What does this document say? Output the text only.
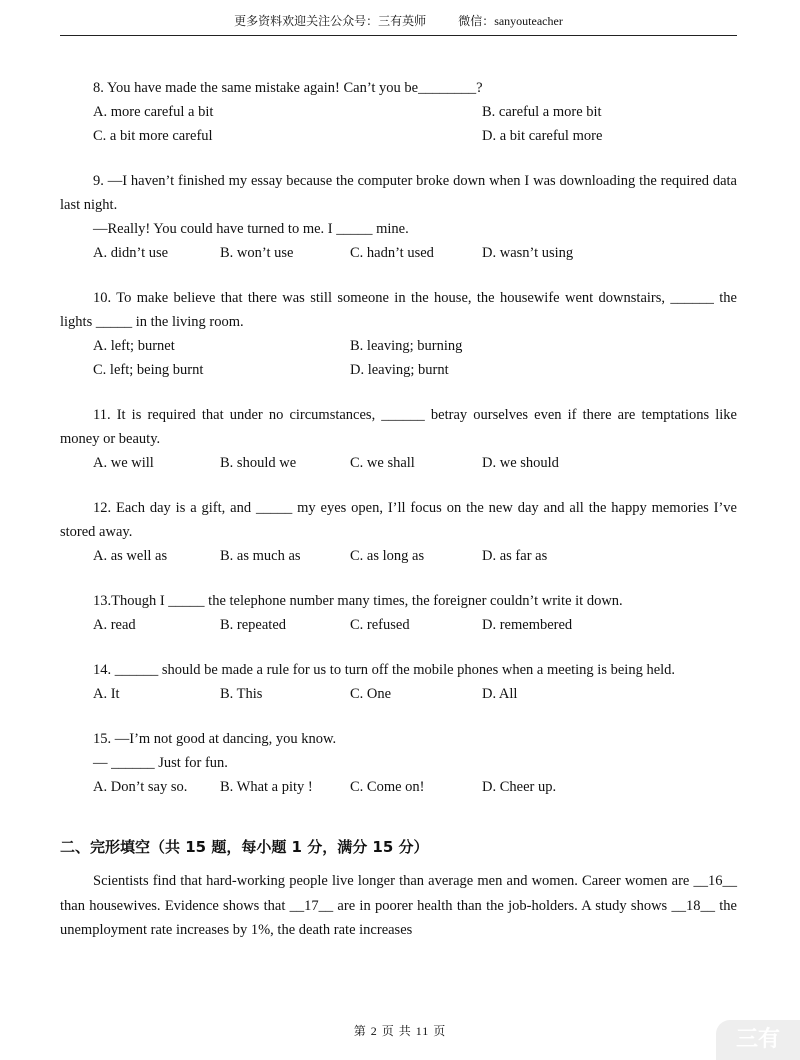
更多资料欢迎关注公众号：三有英师	微信：sanyouteacher
8. You have made the same mistake again! Can’t you be________?
A. more careful a bit	B. careful a more bit
C. a bit more careful	D. a bit careful more
9. —I haven’t finished my essay because the computer broke down when I was downloading the required data last night.
—Really! You could have turned to me. I _____ mine.
A. didn’t use	B. won’t use	C. hadn’t used	D. wasn’t using
10. To make believe that there was still someone in the house, the housewife went downstairs, ______ the lights _____ in the living room.
A. left; burnet	B. leaving; burning
C. left; being burnt	D. leaving; burnt
11. It is required that under no circumstances, ______ betray ourselves even if there are temptations like money or beauty.
A. we will	B. should we	C. we shall	D. we should
12. Each day is a gift, and _____ my eyes open, I’ll focus on the new day and all the happy memories I’ve stored away.
A. as well as	B. as much as	C. as long as	D. as far as
13.Though I _____ the telephone number many times, the foreigner couldn’t write it down.
A. read	B. repeated	C. refused	D. remembered
14. ______ should be made a rule for us to turn off the mobile phones when a meeting is being held.
A. It	B. This	C. One	D. All
15. —I’m not good at dancing, you know.
— ______ Just for fun.
A. Don’t say so. B. What a pity !	C. Come on!	D. Cheer up.
二、完形填空（共 15 题，每小题 1 分，满分 15 分）
Scientists find that hard-working people live longer than average men and women. Career women are __16__ than housewives. Evidence shows that __17__ are in poorer health than the job-holders. A study shows __18__ the unemployment rate increases by 1%, the death rate increases
第 2 页 共 11 页	三有
